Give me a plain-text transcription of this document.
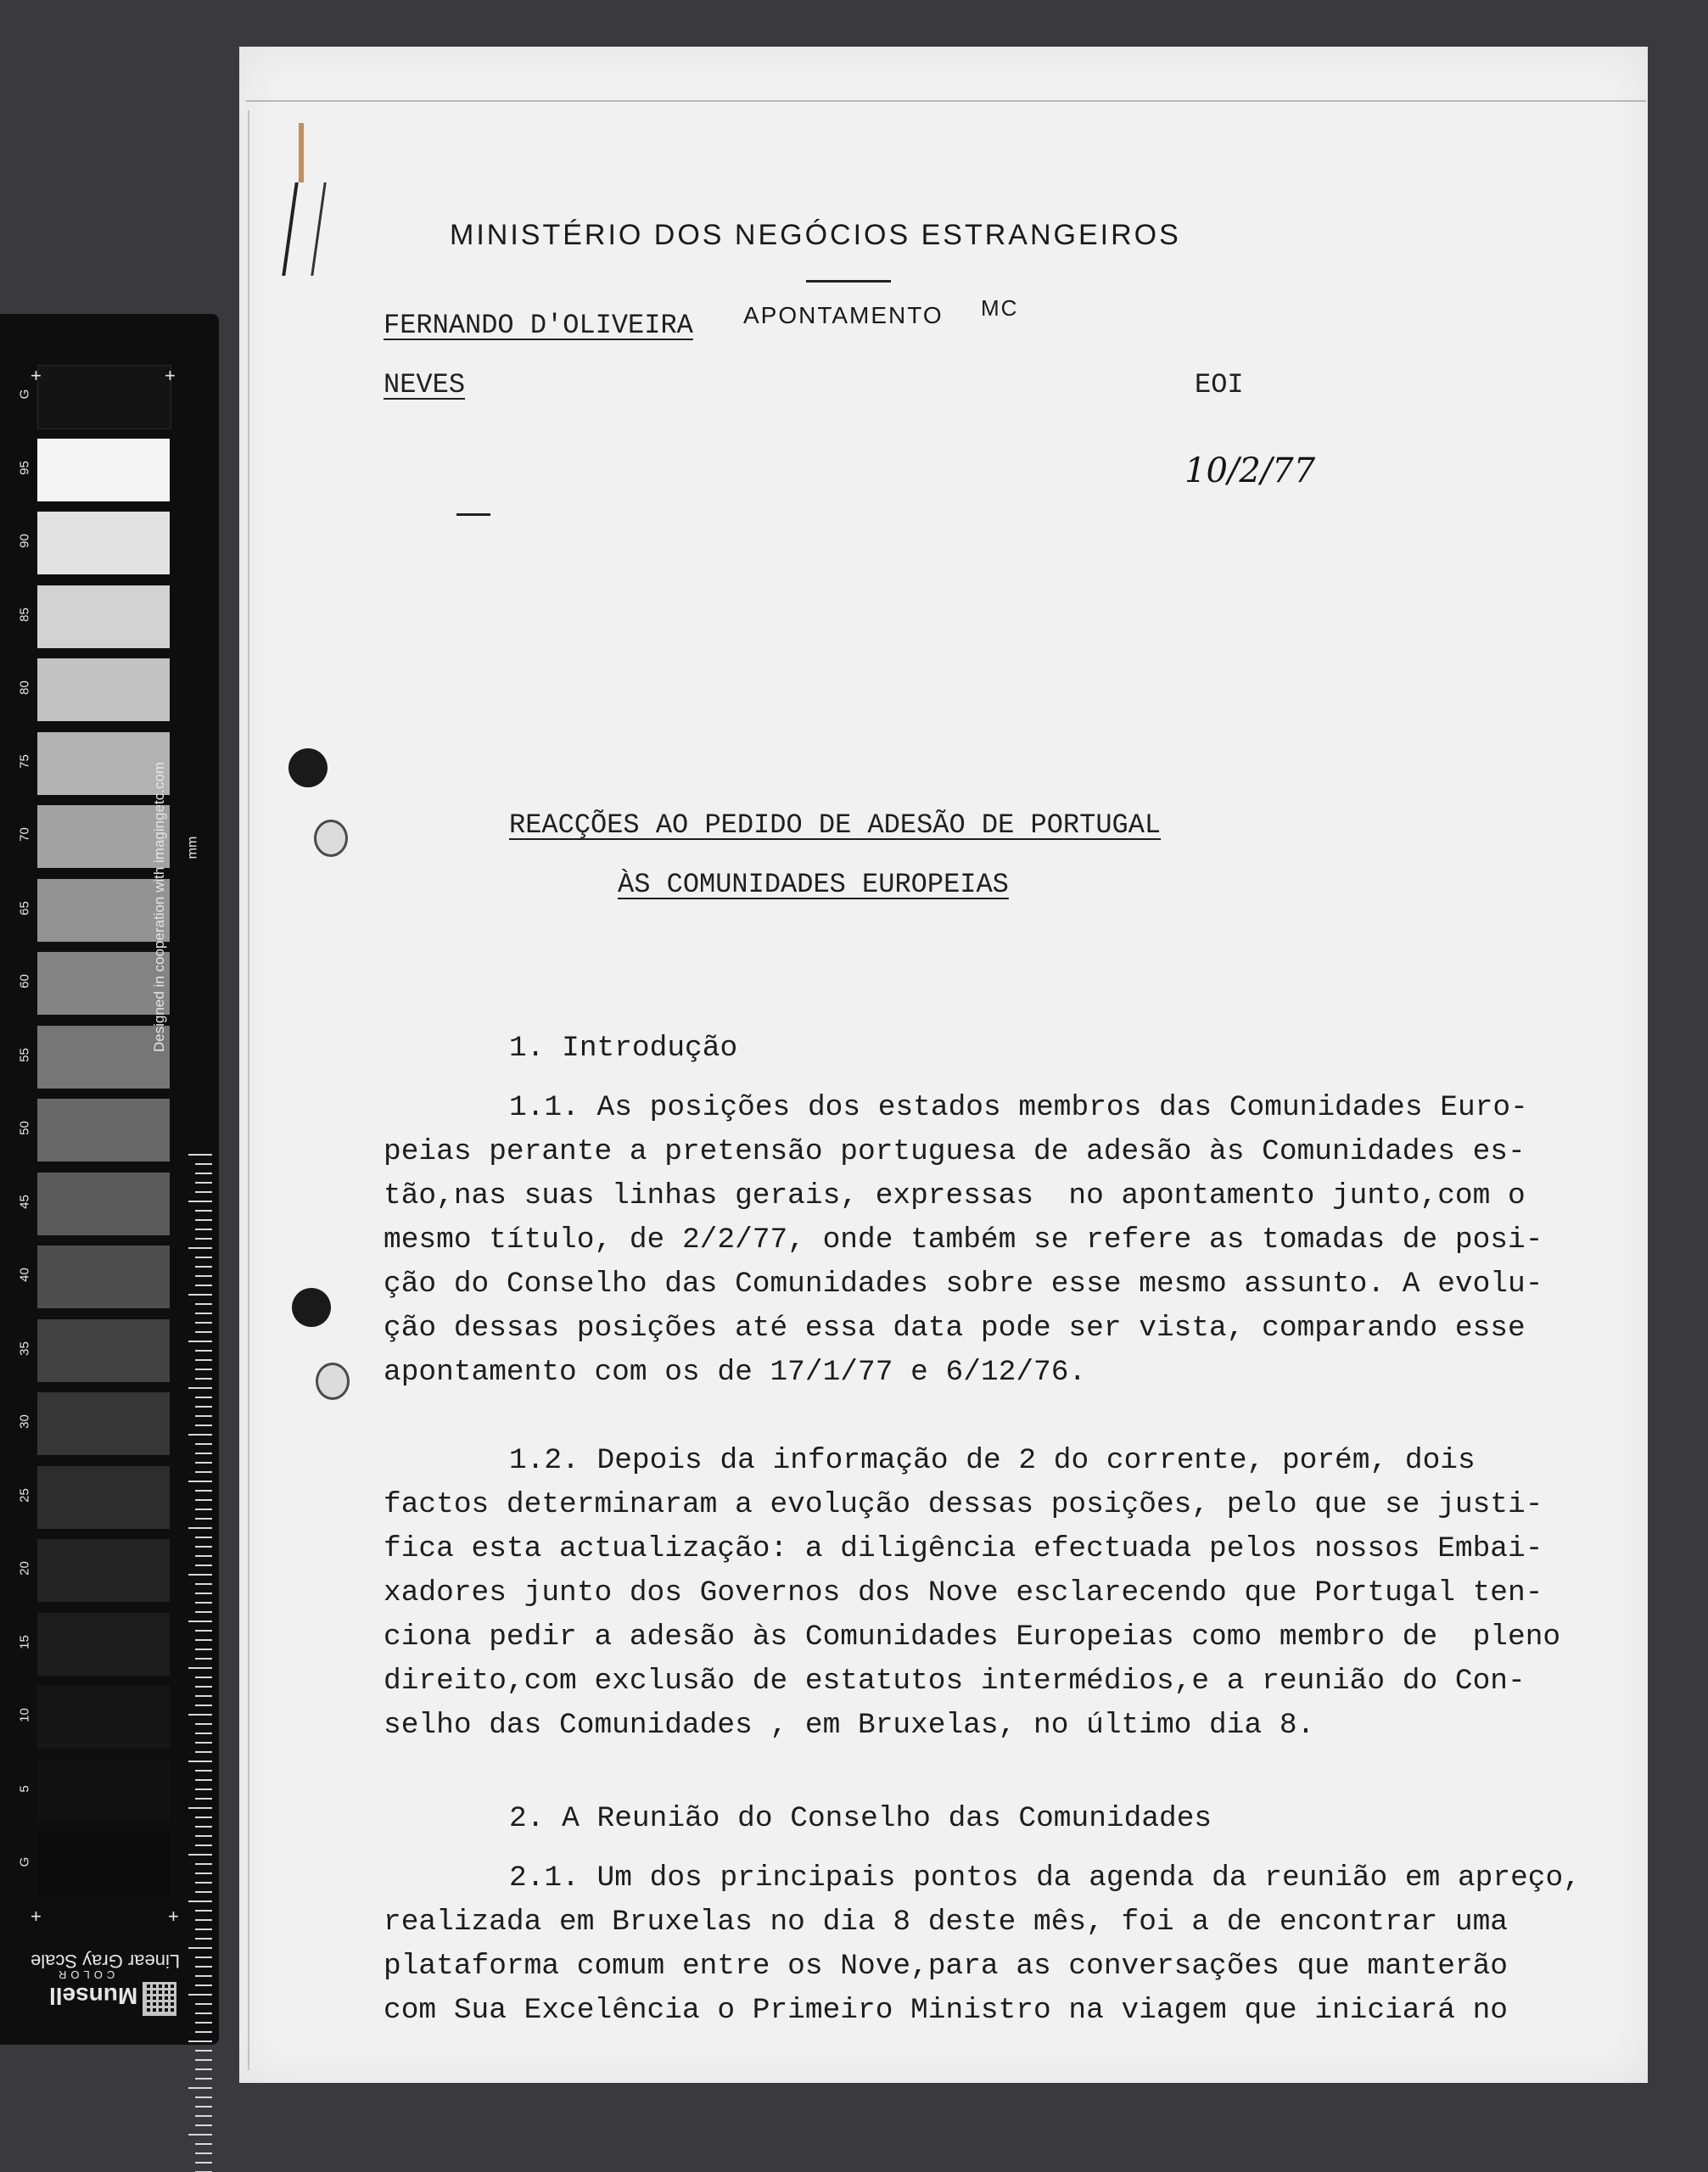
G
95
90
85
80
75
70
65
60
55
50
45
40
35
30
25
20
15
10
5
G
Designed in cooperation with imagingetc.com mm
Linear Gray Scale
Munsell
COLOR
+	+
+	+
MINISTÉRIO DOS NEGÓCIOS ESTRANGEIROS
FERNANDO D'OLIVEIRA APONTAMENTO MC
NEVES	EOI
10/2/77
REACÇÕES AO PEDIDO DE ADESÃO DE PORTUGAL
ÀS COMUNIDADES EUROPEIAS
1. Introdução
1.1. As posições dos estados membros das Comunidades Euro-
peias perante a pretensão portuguesa de adesão às Comunidades es-
tão,nas suas linhas gerais, expressas  no apontamento junto,com o
mesmo título, de 2/2/77, onde também se refere as tomadas de posi-
ção do Conselho das Comunidades sobre esse mesmo assunto. A evolu-
ção dessas posições até essa data pode ser vista, comparando esse
apontamento com os de 17/1/77 e 6/12/76.
1.2. Depois da informação de 2 do corrente, porém, dois
factos determinaram a evolução dessas posições, pelo que se justi-
fica esta actualização: a diligência efectuada pelos nossos Embai-
xadores junto dos Governos dos Nove esclarecendo que Portugal ten-
ciona pedir a adesão às Comunidades Europeias como membro de  pleno
direito,com exclusão de estatutos intermédios,e a reunião do Con-
selho das Comunidades , em Bruxelas, no último dia 8.
2. A Reunião do Conselho das Comunidades
2.1. Um dos principais pontos da agenda da reunião em apreço,
realizada em Bruxelas no dia 8 deste mês, foi a de encontrar uma
plataforma comum entre os Nove,para as conversações que manterão
com Sua Excelência o Primeiro Ministro na viagem que iniciará no
